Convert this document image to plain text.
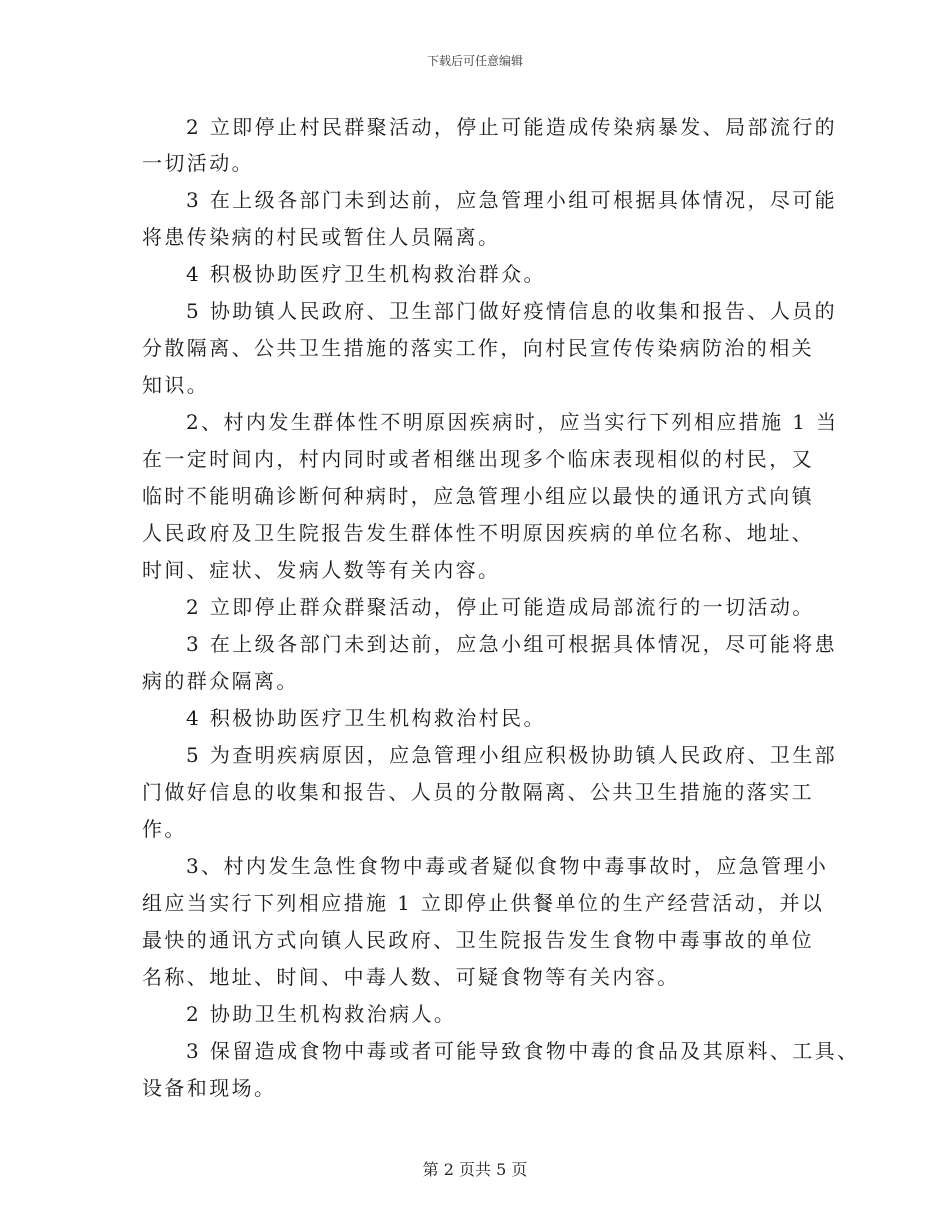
下载后可任意编辑
2 立即停止村民群聚活动，停止可能造成传染病暴发、局部流行的
一切活动。
3 在上级各部门未到达前，应急管理小组可根据具体情况，尽可能
将患传染病的村民或暂住人员隔离。
4 积极协助医疗卫生机构救治群众。
5 协助镇人民政府、卫生部门做好疫情信息的收集和报告、人员的
分散隔离、公共卫生措施的落实工作，向村民宣传传染病防治的相关
知识。
2、村内发生群体性不明原因疾病时，应当实行下列相应措施 1 当
在一定时间内，村内同时或者相继出现多个临床表现相似的村民，又
临时不能明确诊断何种病时，应急管理小组应以最快的通讯方式向镇
人民政府及卫生院报告发生群体性不明原因疾病的单位名称、地址、
时间、症状、发病人数等有关内容。
2 立即停止群众群聚活动，停止可能造成局部流行的一切活动。
3 在上级各部门未到达前，应急小组可根据具体情况，尽可能将患
病的群众隔离。
4 积极协助医疗卫生机构救治村民。
5 为查明疾病原因，应急管理小组应积极协助镇人民政府、卫生部
门做好信息的收集和报告、人员的分散隔离、公共卫生措施的落实工
作。
3、村内发生急性食物中毒或者疑似食物中毒事故时，应急管理小
组应当实行下列相应措施 1 立即停止供餐单位的生产经营活动，并以
最快的通讯方式向镇人民政府、卫生院报告发生食物中毒事故的单位
名称、地址、时间、中毒人数、可疑食物等有关内容。
2 协助卫生机构救治病人。
3 保留造成食物中毒或者可能导致食物中毒的食品及其原料、工具、
设备和现场。
第 2 页共 5 页
